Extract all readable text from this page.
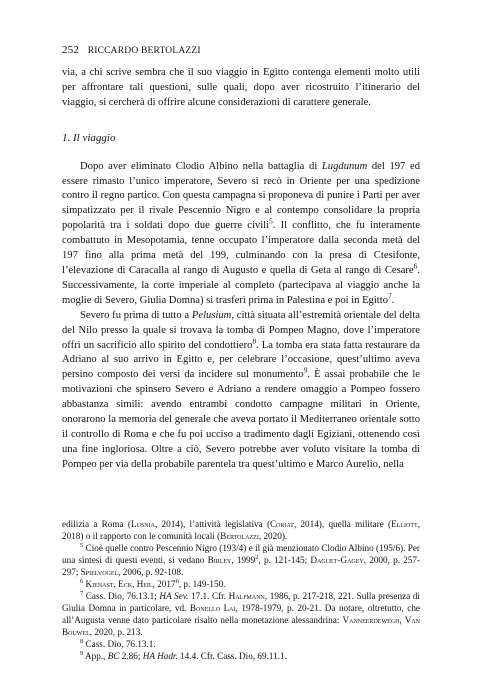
252 RICCARDO BERTOLAZZI

via, a chi scrive sembra che il suo viaggio in Egitto contenga elementi molto utili per affrontare tali questioni, sulle quali, dopo aver ricostruito l’itinerario del viaggio, si cercherà di offrire alcune considerazioni di carattere generale.

1. Il viaggio

Dopo aver eliminato Clodio Albino nella battaglia di Lugdunum del 197 ed essere rimasto l’unico imperatore, Severo si recò in Oriente per una spedizione contro il regno partico. Con questa campagna si proponeva di punire i Parti per aver simpatizzato per il rivale Pescennio Nigro e al contempo consolidare la propria popolarità tra i soldati dopo due guerre civili$^5$. Il conflitto, che fu interamente combattuto in Mesopotamia, tenne occupato l’imperatore dalla seconda metà del 197 fino alla prima metà del 199, culminando con la presa di Ctesifonte, l’elevazione di Caracalla al rango di Augusto e quella di Geta al rango di Cesare$^6$. Successivamente, la corte imperiale al completo (partecipava al viaggio anche la moglie di Severo, Giulia Domna) si trasferì prima in Palestina e poi in Egitto$^7$.

Severo fu prima di tutto a Pelusium, città situata all’estremità orientale del delta del Nilo presso la quale si trovava la tomba di Pompeo Magno, dove l’imperatore offrì un sacrificio allo spirito del condottiero$^8$. La tomba era stata fatta restaurare da Adriano al suo arrivo in Egitto e, per celebrare l’occasione, quest’ultimo aveva persino composto dei versi da incidere sul monumento$^9$. È assai probabile che le motivazioni che spinsero Severo e Adriano a rendere omaggio a Pompeo fossero abbastanza simili: avendo entrambi condotto campagne militari in Oriente, onorarono la memoria del generale che aveva portato il Mediterraneo orientale sotto il controllo di Roma e che fu poi ucciso a tradimento dagli Egiziani, ottenendo così una fine ingloriosa. Oltre a ciò, Severo potrebbe aver voluto visitare la tomba di Pompeo per via della probabile parentela tra quest’ultimo e Marco Aurelio, nella

edilizia a Roma (Lusnia, 2014), l’attività legislativa (Coriat, 2014), quella militare (Elliott, 2018) o il rapporto con le comunità locali (Bertolazzi, 2020).

$^5$ Cioè quelle contro Pescennio Nigro (193/4) e il già menzionato Clodio Albino (195/6). Per una sintesi di questi eventi, si vedano Birley, 1999$^2$, p. 121-145; Daguet-Gagey, 2000, p. 257-297; Spielvogel, 2006, p. 92-108.

$^6$ Kienast, Eck, Heil, 2017$^6$, p. 149-150.

$^7$ Cass. Dio, 76.13.1; HA Sev. 17.1. Cfr. Halfmann, 1986, p. 217-218, 221. Sulla presenza di Giulia Domna in particolare, vd. Bonello Lai, 1978-1979, p. 20-21. Da notare, oltretutto, che all’Augusta venne dato particolare risalto nella monetazione alessandrina: Vanneerdewegh, Van Bouwel, 2020, p. 213.

$^8$ Cass. Dio, 76.13.1.

$^9$ App., BC 2.86; HA Hadr. 14.4. Cfr. Cass. Dio, 69.11.1.
